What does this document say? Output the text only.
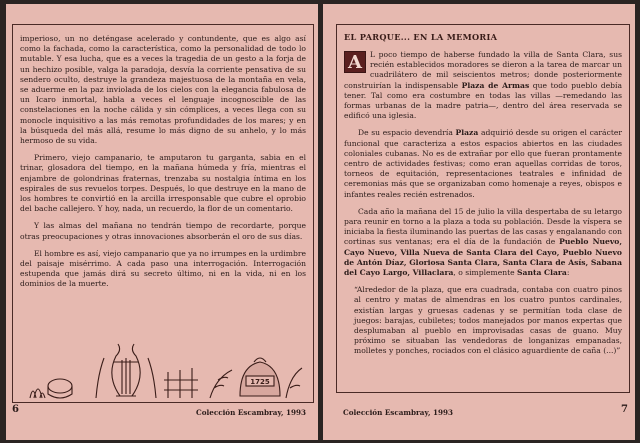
imperioso, un no deténgase acelerado y contundente, que es algo así como la fachada, como la característica, como la personalidad de todo lo mutable. Y esa lucha, que es a veces la tragedia de un gesto a la forja de un hechizo posible, valga la paradoja, desvía la corriente pensativa de su sendero oculto, destruye la grandeza majestuosa de la montaña en vela, se aduerme en la paz inviolada de los cielos con la elegancia fabulosa de un Icaro inmortal, habla a veces el lenguaje incognoscible de las constelaciones en la noche cálida y sin cómplices, a veces llega con su monocle inquisitivo a las más remotas profundidades de los mares; y en la búsqueda del más allá, resume lo más digno de su anhelo, y lo más hermoso de su vida.

Primero, viejo campanario, te amputaron tu garganta, sabia en el trinar, glosadora del tiempo, en la mañana húmeda y fría, mientras el enjambre de golondrinas fraternas, trenzaba su nostalgia íntima en los espirales de sus revuelos torpes. Después, lo que destruye en la mano de los hombres te convirtió en la arcilla irresponsable que cubre el oprobio del bache callejero. Y hoy, nada, un recuerdo, la flor de un comentario.

Y las almas del mañana no tendrán tiempo de recordarte, porque otras preocupaciones y otras innovaciones absorberán el oro de sus días.

El hombre es así, viejo campanario que ya no irrumpes en la urdimbre del paisaje misérrimo. A cada paso una interrogación. Interrogación estupenda que jamás dirá su secreto último, ni en la vida, ni en los dominios de la muerte.

1725
6	Colección Escambray, 1993
EL PARQUE... EN LA MEMORIA

A	L poco tiempo de haberse fundado la villa de Santa Clara, sus recién establecidos moradores se dieron a la tarea de marcar un cuadrilátero de mil seiscientos metros; donde posteriormente construirían la indispensable Plaza de Armas que todo pueblo debía tener. Tal como era costumbre en todas las villas —remedando las formas urbanas de la madre patria—, dentro del área reservada se edificó una iglesia.

De su espacio devendría Plaza adquirió desde su origen el carácter funcional que caracteriza a estos espacios abiertos en las ciudades coloniales cubanas. No es de extrañar por ello que fueran prontamente centro de actividades festivas; como eran aquellas corridas de toros, torneos de equitación, representaciones teatrales e infinidad de ceremonias más que se organizaban como homenaje a reyes, obispos e infantes reales recién estrenados.

Cada año la mañana del 15 de julio la villa despertaba de su letargo para reunir en torno a la plaza a toda su población. Desde la víspera se iniciaba la fiesta iluminando las puertas de las casas y engalanando con cortinas sus ventanas; era el día de la fundación de Pueblo Nuevo, Cayo Nuevo, Villa Nueva de Santa Clara del Cayo, Pueblo Nuevo de Antón Díaz, Gloriosa Santa Clara, Santa Clara de Asís, Sabana del Cayo Largo, Villaclara, o simplemente Santa Clara:

“Alrededor de la plaza, que era cuadrada, contaba con cuatro pinos al centro y matas de almendras en los cuatro puntos cardinales, existían largas y gruesas cadenas y se permitían toda clase de juegos: barajas, cubiletes; todos manejados por manos expertas que desplumaban al pueblo en improvisadas casas de guano. Muy próximo se situaban las vendedoras de longanizas empanadas, molletes y ponches, rociados con el clásico aguardiente de caña (...)”

Colección Escambray, 1993	7
